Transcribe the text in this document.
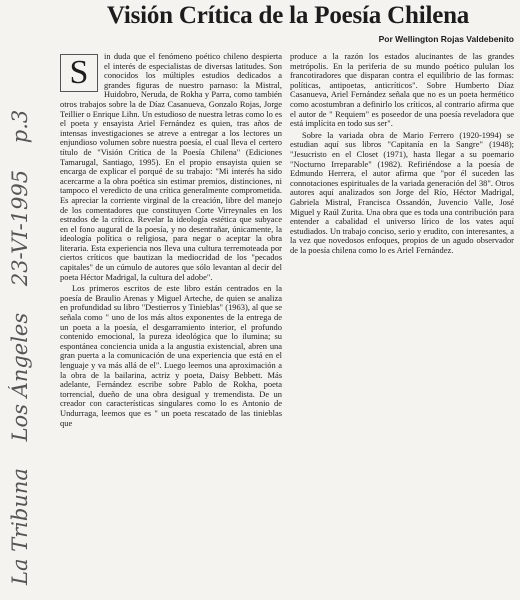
Visión Crítica de la Poesía Chilena
Por Wellington Rojas Valdebenito
La Tribuna Los Ángeles 23-VI-1995 p.3
S	in duda que el fenómeno poético chileno despierta el interés de especialistas de diversas latitudes. Son conocidos los múltiples estudios dedicados a grandes figuras de nuestro parnaso: la Mistral, Huidobro, Neruda, de Rokha y Parra, como también otros trabajos sobre la de Díaz Casanueva, Gonzalo Rojas, Jorge Teillier o Enrique Lihn. Un estudioso de nuestra letras como lo es el poeta y ensayista Ariel Fernández es quien, tras años de intensas investigaciones se atreve a entregar a los lectores un enjundioso volumen sobre nuestra poesía, el cual lleva el certero título de "Visión Crítica de la Poesía Chilena" (Ediciones Tamarugal, Santiago, 1995). En el propio ensayista quien se encarga de explicar el porqué de su trabajo: "Mi interés ha sido acercarme a la obra poética sin estimar premios, distinciones, ni tampoco el veredicto de una crítica generalmente comprometida. Es apreciar la corriente virginal de la creación, libre del manejo de los comentadores que constituyen Corte Virreynales en los estrados de la crítica. Revelar la ideología estética que subyace en el fono augural de la poesía, y no desentrañar, únicamente, la ideología política o religiosa, para negar o aceptar la obra literaria. Esta experiencia nos lleva una cultura terremoteada por ciertos críticos que bautizan la mediocridad de los "pecados capitales" de un cúmulo de autores que sólo levantan al decir del poeta Héctor Madrigal, la cultura del adobe".

Los primeros escritos de este libro están centrados en la poesía de Braulio Arenas y Miguel Arteche, de quien se analiza en profundidad su libro "Destierros y Tinieblas" (1963), al que se señala como " uno de los más altos exponentes de la entrega de un poeta a la poesía, el desgarramiento interior, el profundo contenido emocional, la pureza ideológica que lo ilumina; su espontánea conciencia unida a la angustia existencial, abren una gran puerta a la comunicación de una experiencia que está en el lenguaje y va más allá de el". Luego leemos una aproximación a la obra de la bailarina, actriz y poeta, Daisy Bebbett. Más adelante, Fernández escribe sobre Pablo de Rokha, poeta torrencial, dueño de una obra desigual y tremendista. De un creador con características singulares como lo es Antonio de Undurraga, leemos que es " un poeta rescatado de las tinieblas que

produce a la razón los estados alucinantes de las grandes metrópolis. En la periferia de su mundo poético pululan los francotiradores que disparan contra el equilibrio de las formas: políticas, antipoetas, anticríticos". Sobre Humberto Díaz Casanueva, Ariel Fernández señala que no es un poeta hermético como acostumbran a definirlo los críticos, al contrario afirma que el autor de " Requiem" es poseedor de una poesía reveladora que está implícita en todo sus ser".

Sobre la variada obra de Mario Ferrero (1920-1994) se estudian aquí sus libros "Capitanía en la Sangre" (1948); "Jesucristo en el Closet (1971), hasta llegar a su poemario "Nocturno Irreparable" (1982). Refiriéndose a la poesía de Edmundo Herrera, el autor afirma que "por él suceden las connotaciones espirituales de la variada generación del 38". Otros autores aquí analizados son Jorge del Río, Héctor Madrigal, Gabriela Mistral, Francisca Ossandón, Juvencio Valle, José Miguel y Raúl Zurita. Una obra que es toda una contribución para entender a cabalidad el universo lírico de los vates aquí estudiados. Un trabajo conciso, serio y erudito, con interesantes, a la vez que novedosos enfoques, propios de un agudo observador de la poesía chilena como lo es Ariel Fernández.
